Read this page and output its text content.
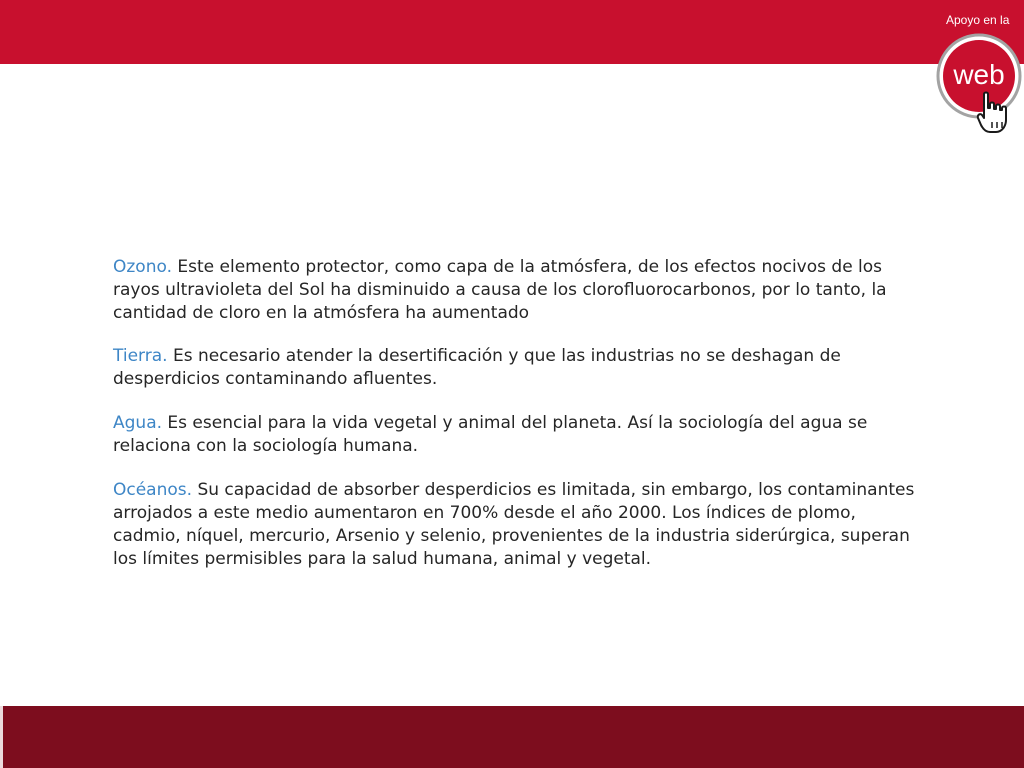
Apoyo en la
web

Ozono. Este elemento protector, como capa de la atmósfera, de los efectos nocivos de los rayos ultravioleta del Sol ha disminuido a causa de los clorofluorocarbonos, por lo tanto, la cantidad de cloro en la atmósfera ha aumentado

Tierra. Es necesario atender la desertificación y que las industrias no se deshagan de desperdicios contaminando afluentes.

Agua. Es esencial para la vida vegetal y animal del planeta. Así la sociología del agua se relaciona con la sociología humana.

Océanos. Su capacidad de absorber desperdicios es limitada, sin embargo, los contaminantes arrojados a este medio aumentaron en 700% desde el año 2000. Los índices de plomo, cadmio, níquel, mercurio, Arsenio y selenio, provenientes de la industria siderúrgica, superan los límites permisibles para la salud humana, animal y vegetal.
